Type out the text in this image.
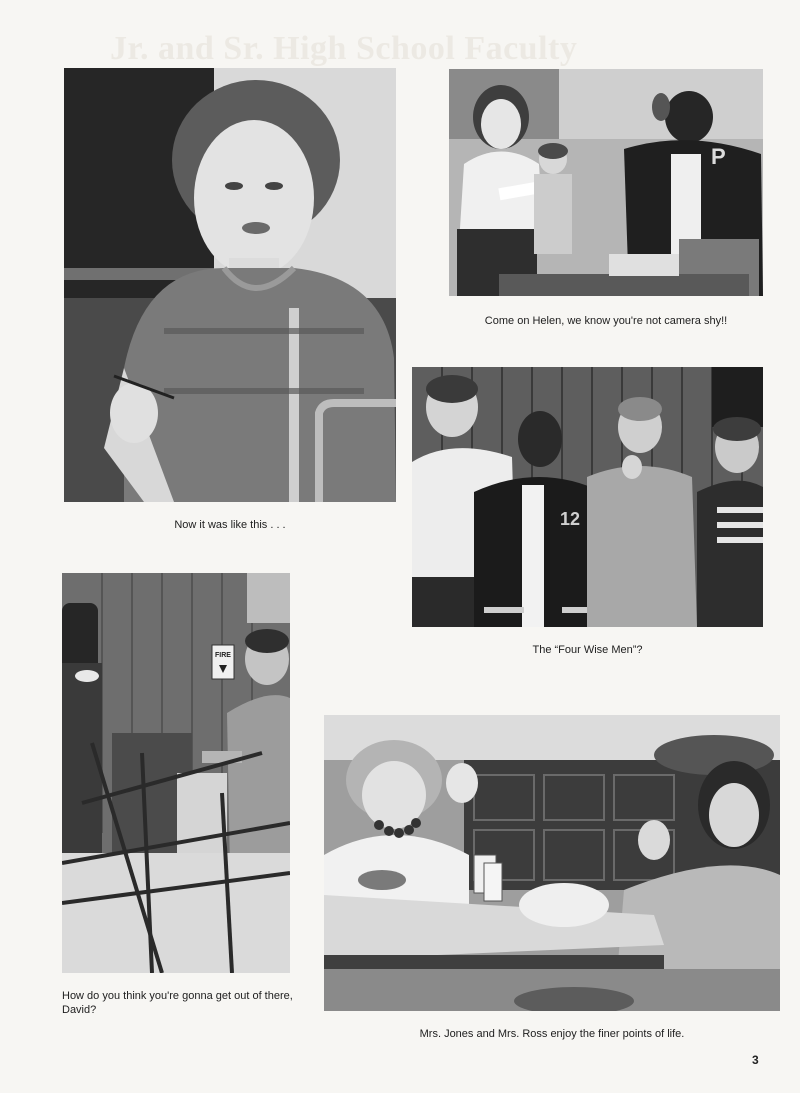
Jr. and Sr. High School Faculty
Now it was like this . . .
P
Come on Helen, we know you're not camera shy!!
12
The “Four Wise Men”?
FIRE
How do you think you're gonna get out of there, David?
Mrs. Jones and Mrs. Ross enjoy the finer points of life.
3
